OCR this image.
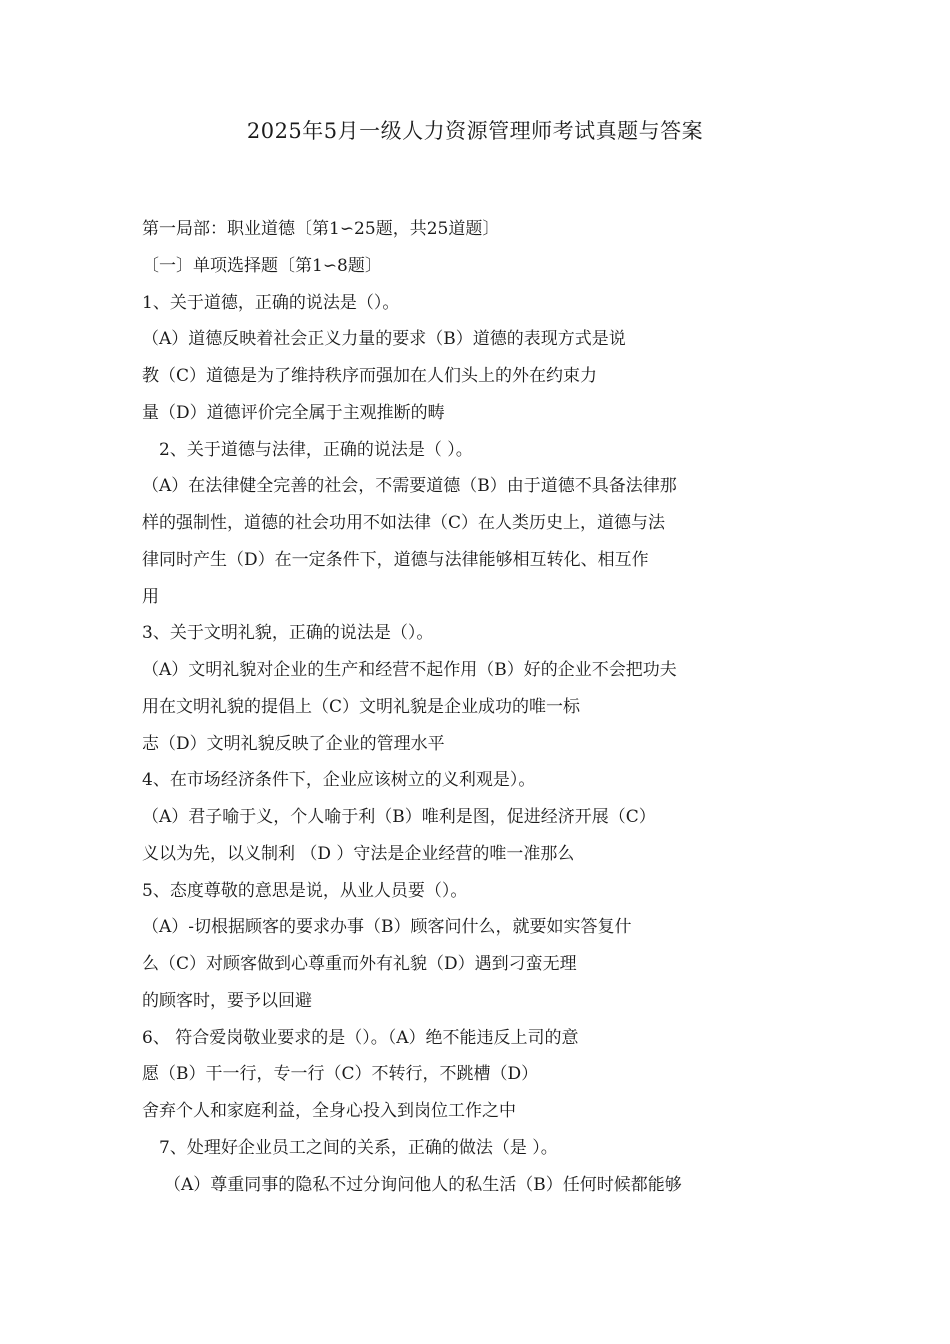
2025年5月一级人力资源管理师考试真题与答案
第一局部：职业道德〔第1∽25题，共25道题〕
〔一〕单项选择题〔第1∽8题〕
1、关于道德，正确的说法是（）。
（A）道德反映着社会正义力量的要求（B）道德的表现方式是说
教（C）道德是为了维持秩序而强加在人们头上的外在约束力
量（D）道德评价完全属于主观推断的畴
2、关于道德与法律，正确的说法是（ ）。
（A）在法律健全完善的社会，不需要道德（B）由于道德不具备法律那
样的强制性，道德的社会功用不如法律（C）在人类历史上，道德与法
律同时产生（D）在一定条件下，道德与法律能够相互转化、相互作
用
3、关于文明礼貌，正确的说法是（）。
（A）文明礼貌对企业的生产和经营不起作用（B）好的企业不会把功夫
用在文明礼貌的提倡上（C）文明礼貌是企业成功的唯一标
志（D）文明礼貌反映了企业的管理水平
4、在市场经济条件下，企业应该树立的义利观是）。
（A）君子喻于义，个人喻于利（B）唯利是图，促进经济开展（C）
义以为先，以义制利 （D ）守法是企业经营的唯一准那么
5、态度尊敬的意思是说，从业人员要（）。
（A）-切根据顾客的要求办事（B）顾客问什么，就要如实答复什
么（C）对顾客做到心尊重而外有礼貌（D）遇到刁蛮无理
的顾客时，要予以回避
6、 符合爱岗敬业要求的是（）。（A）绝不能违反上司的意
愿（B）干一行，专一行（C）不转行，不跳槽（D）
舍弃个人和家庭利益，全身心投入到岗位工作之中
7、处理好企业员工之间的关系，正确的做法（是 ）。
（A）尊重同事的隐私不过分询问他人的私生活（B）任何时候都能够
